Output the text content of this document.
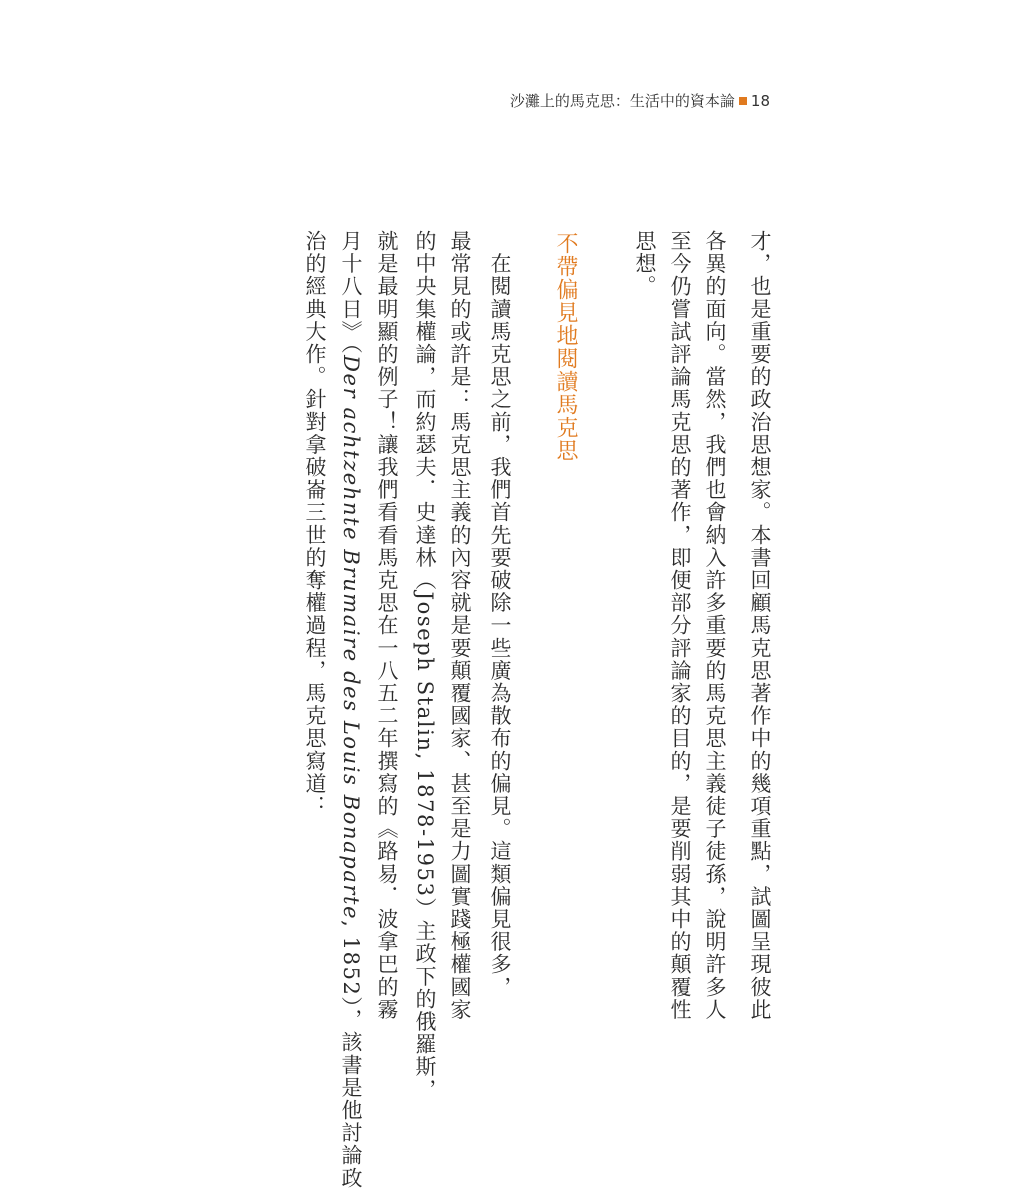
沙灘上的馬克思：生活中的資本論 18
才，也是重要的政治思想家。本書回顧馬克思著作中的幾項重點，試圖呈現彼此
各異的面向。當然，我們也會納入許多重要的馬克思主義徒子徒孫，說明許多人
至今仍嘗試評論馬克思的著作，即便部分評論家的目的，是要削弱其中的顛覆性
思想。
不帶偏見地閱讀馬克思
　在閱讀馬克思之前，我們首先要破除一些廣為散布的偏見。這類偏見很多，
最常見的或許是：馬克思主義的內容就是要顛覆國家、甚至是力圖實踐極權國家
的中央集權論，而約瑟夫．史達林（Joseph Stalin, 1878-1953）主政下的俄羅斯，
就是最明顯的例子！讓我們看看馬克思在一八五二年撰寫的《路易．波拿巴的霧
月十八日》（Der achtzehnte Brumaire des Louis Bonaparte, 1852），該書是他討論政
治的經典大作。針對拿破崙三世的奪權過程，馬克思寫道：
